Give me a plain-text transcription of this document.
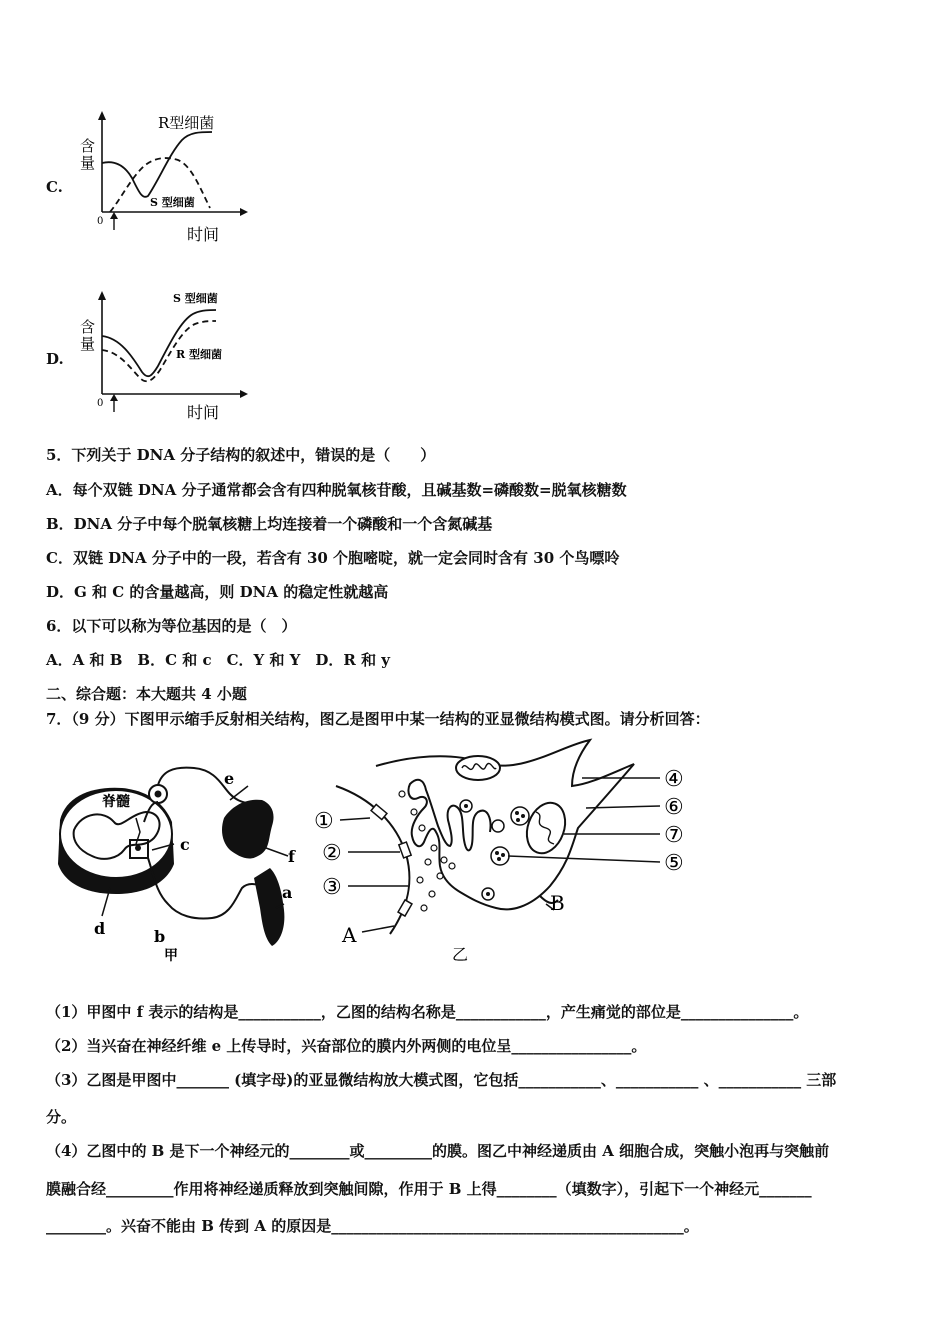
C.
含
量
0
时间
R型细菌
S 型细菌
D.
含
量
0	时间
S 型细菌
R 型细菌
5．下列关于 DNA 分子结构的叙述中，错误的是（　　）
A．每个双链 DNA 分子通常都会含有四种脱氧核苷酸，且碱基数=磷酸数=脱氧核糖数
B．DNA 分子中每个脱氧核糖上均连接着一个磷酸和一个含氮碱基
C．双链 DNA 分子中的一段，若含有 30 个胞嘧啶，就一定会同时含有 30 个鸟嘌呤
D．G 和 C 的含量越高，则 DNA 的稳定性就越高
6．以下可以称为等位基因的是（　）
A．A 和 B　B．C 和 c　C．Y 和 Y　D．R 和 y
二、综合题：本大题共 4 小题
7．（9 分）下图甲示缩手反射相关结构，图乙是图甲中某一结构的亚显微结构模式图。请分析回答：
脊髓
a
b
c
d
e
f
甲
①
②
③
④
⑥
⑦
⑤
A
B
乙
（1）甲图中 f 表示的结构是___________，乙图的结构名称是____________，产生痛觉的部位是_______________。
（2）当兴奋在神经纤维 e 上传导时，兴奋部位的膜内外两侧的电位呈________________。
（3）乙图是甲图中_______ (填字母)的亚显微结构放大模式图，它包括___________、___________ 、___________ 三部
分。
（4）乙图中的 B 是下一个神经元的________或_________的膜。图乙中神经递质由 A 细胞合成，突触小泡再与突触前
膜融合经_________作用将神经递质释放到突触间隙，作用于 B 上得________（填数字），引起下一个神经元_______
________。兴奋不能由 B 传到 A 的原因是_______________________________________________。
